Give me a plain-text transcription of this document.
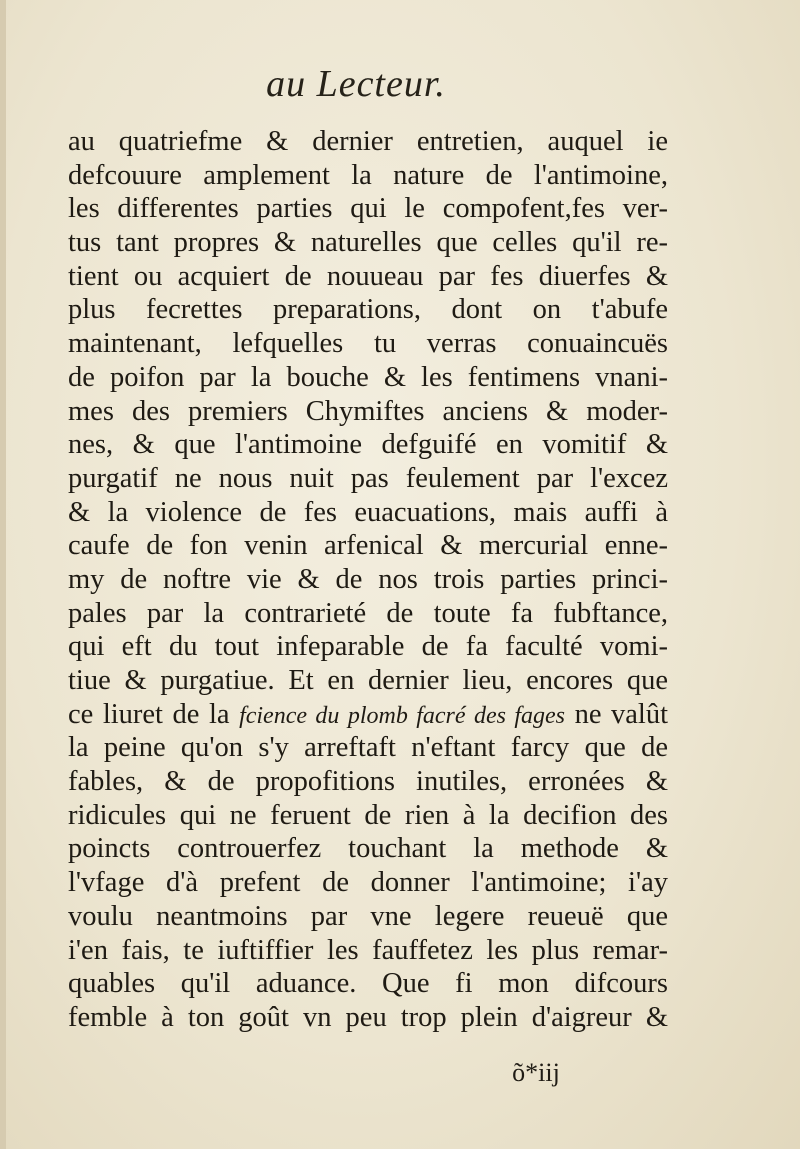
au Lecteur.
au quatriefme & dernier entretien, auquel ie
defcouure amplement la nature de l'antimoine,
les differentes parties qui le compofent,fes ver-
tus tant propres & naturelles que celles qu'il re-
tient ou acquiert de nouueau par fes diuerfes &
plus fecrettes preparations, dont on t'abufe
maintenant, lefquelles tu verras conuaincuës
de poifon par la bouche & les fentimens vnani-
mes des premiers Chymiftes anciens & moder-
nes, & que l'antimoine defguifé en vomitif &
purgatif ne nous nuit pas feulement par l'excez
& la violence de fes euacuations, mais auffi à
caufe de fon venin arfenical & mercurial enne-
my de noftre vie & de nos trois parties princi-
pales par la contrarieté de toute fa fubftance,
qui eft du tout infeparable de fa faculté vomi-
tiue & purgatiue. Et en dernier lieu, encores que
ce liuret de la fcience du plomb facré des fages ne valût
la peine qu'on s'y arreftaft n'eftant farcy que de
fables, & de propofitions inutiles, erronées &
ridicules qui ne feruent de rien à la decifion des
poincts controuerfez touchant la methode &
l'vfage d'à prefent de donner l'antimoine; i'ay
voulu neantmoins par vne legere reueuë que
i'en fais, te iuftiffier les fauffetez les plus remar-
quables qu'il aduance. Que fi mon difcours
femble à ton goût vn peu trop plein d'aigreur &
õ*iij
